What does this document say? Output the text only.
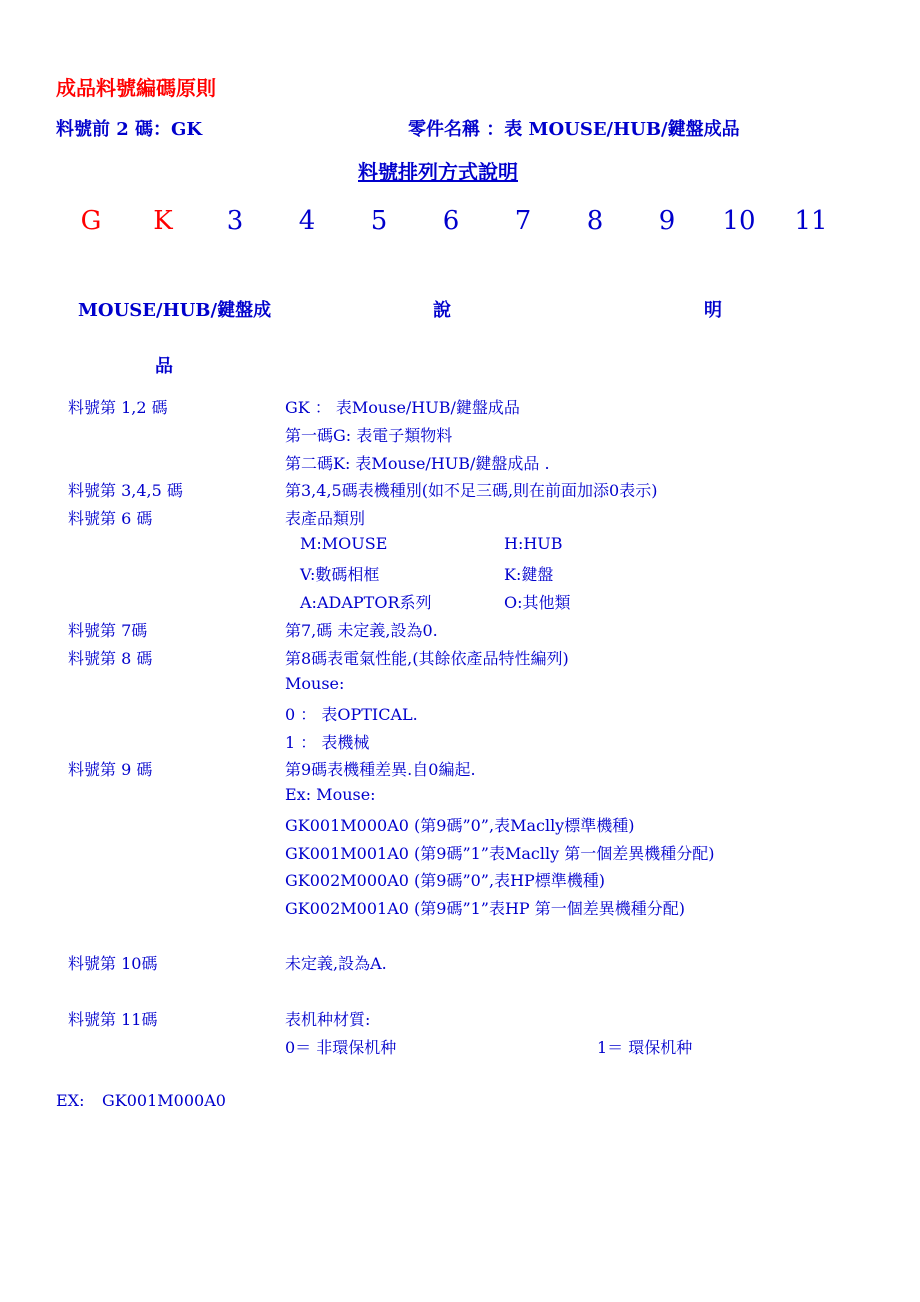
成品料號編碼原則
料號前 2 碼：GK	零件名稱 ：表 MOUSE/HUB/鍵盤成品
料號排列方式說明
G	K	3	4	5	6	7	8	9	10	11
MOUSE/HUB/鍵盤成
品
說	明
料號第 1,2 碼	GK ： 表Mouse/HUB/鍵盤成品
第一碼G: 表電子類物料
第二碼K: 表Mouse/HUB/鍵盤成品 .
料號第 3,4,5 碼	第3,4,5碼表機種別(如不足三碼,則在前面加添0表示)
料號第 6 碼	表產品類別
M:MOUSE	H:HUB
V:數碼相框	K:鍵盤
A:ADAPTOR系列	O:其他類
料號第 7碼	第7,碼 未定義,設為0.
料號第 8 碼	第8碼表電氣性能,(其餘依產品特性編列)
Mouse:
0 ： 表OPTICAL.
1 ： 表機械
料號第 9 碼	第9碼表機種差異.自0編起.
Ex: Mouse:
GK001M000A0 (第9碼”0”,表Maclly標準機種)
GK001M001A0 (第9碼”1”表Maclly 第一個差異機種分配)
GK002M000A0 (第9碼”0”,表HP標準機種)
GK002M001A0 (第9碼”1”表HP 第一個差異機種分配)
料號第 10碼	未定義,設為A.
料號第 11碼	表机种材質:
0＝ 非環保机种	1＝ 環保机种
EX: GK001M000A0
